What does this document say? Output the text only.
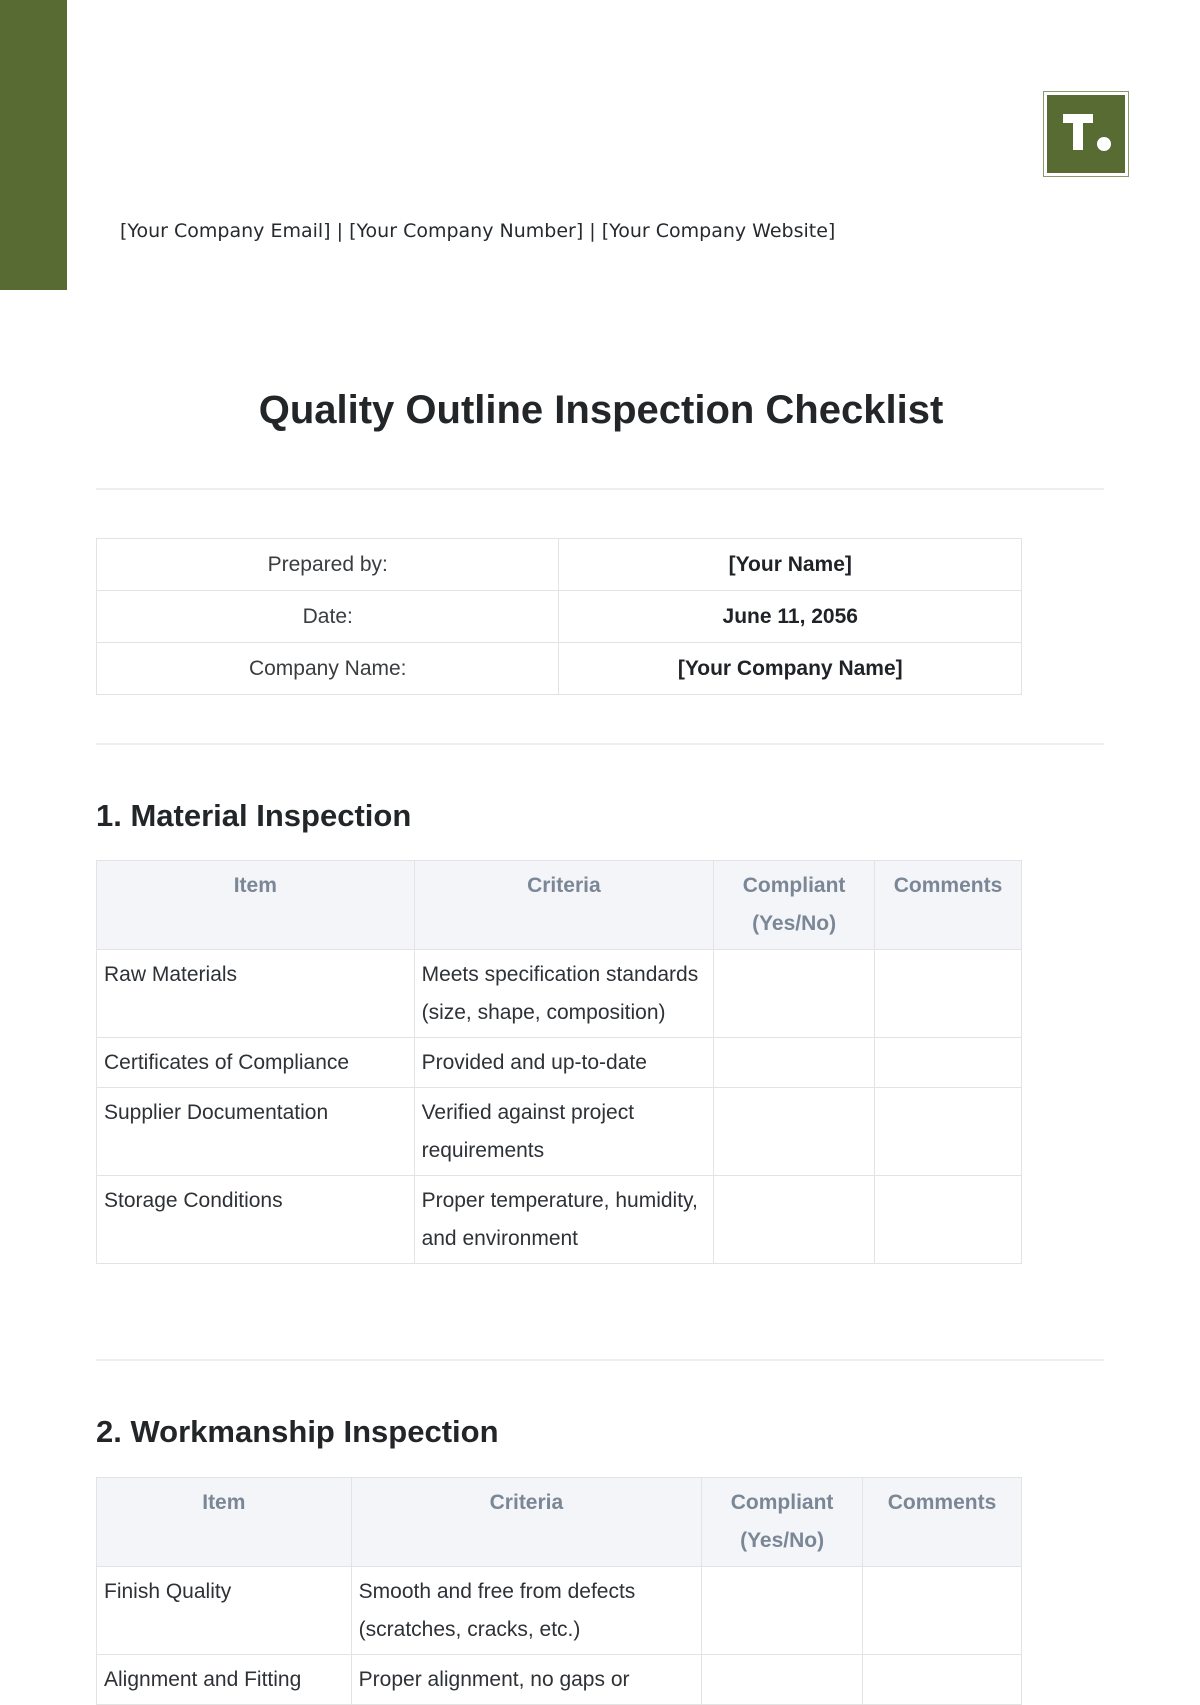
[Your Company Email] | [Your Company Number] | [Your Company Website]
Quality Outline Inspection Checklist
Prepared by:	[Your Name]
Date:	June 11, 2056
Company Name:	[Your Company Name]
1. Material Inspection
Item	Criteria	Compliant (Yes/No)	Comments
Raw Materials	Meets specification standards (size, shape, composition)		
Certificates of Compliance	Provided and up-to-date		
Supplier Documentation	Verified against project requirements		
Storage Conditions	Proper temperature, humidity, and environment		
2. Workmanship Inspection
Item	Criteria	Compliant (Yes/No)	Comments
Finish Quality	Smooth and free from defects (scratches, cracks, etc.)		
Alignment and Fitting	Proper alignment, no gaps or		
